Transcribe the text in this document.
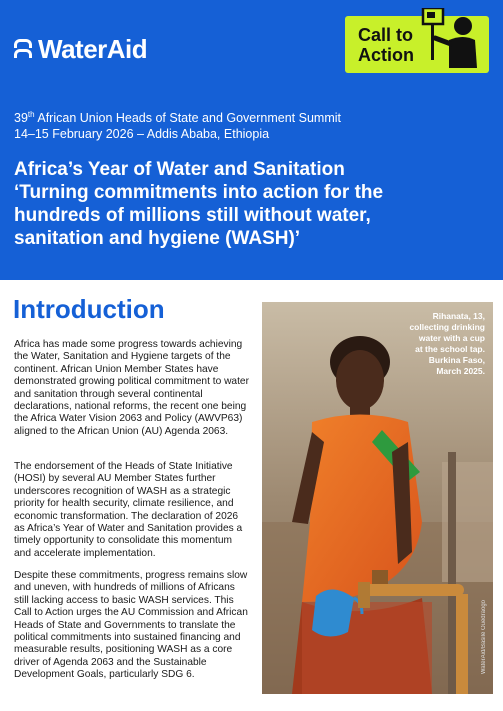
WaterAid	Call to
Action
39th African Union Heads of State and Government Summit
14–15 February 2026 – Addis Ababa, Ethiopia
Africa’s Year of Water and Sanitation
‘Turning commitments into action for the
hundreds of millions still without water,
sanitation and hygiene (WASH)’
Introduction
Africa has made some progress towards achieving the Water, Sanitation and Hygiene targets of the continent. African Union Member States have demonstrated growing political commitment to water and sanitation through several continental declarations, national reforms, the recent one being the Africa Water Vision 2063 and Policy (AWVP63) aligned to the African Union (AU) Agenda 2063.
The endorsement of the Heads of State Initiative (HOSI) by several AU Member States further underscores recognition of WASH as a strategic priority for health security, climate resilience, and economic transformation. The declaration of 2026 as Africa’s Year of Water and Sanitation provides a timely opportunity to consolidate this momentum and accelerate implementation.
Despite these commitments, progress remains slow and uneven, with hundreds of millions of Africans still lacking access to basic WASH services. This Call to Action urges the AU Commission and African Heads of State and Governments to translate the political commitments into sustained financing and measurable results, positioning WASH as a core driver of Agenda 2063 and the Sustainable Development Goals, particularly SDG 6.
Rihanata, 13,
collecting drinking
water with a cup
at the school tap.
Burkina Faso,
March 2025.
WaterAid/Basile Ouedraogo
